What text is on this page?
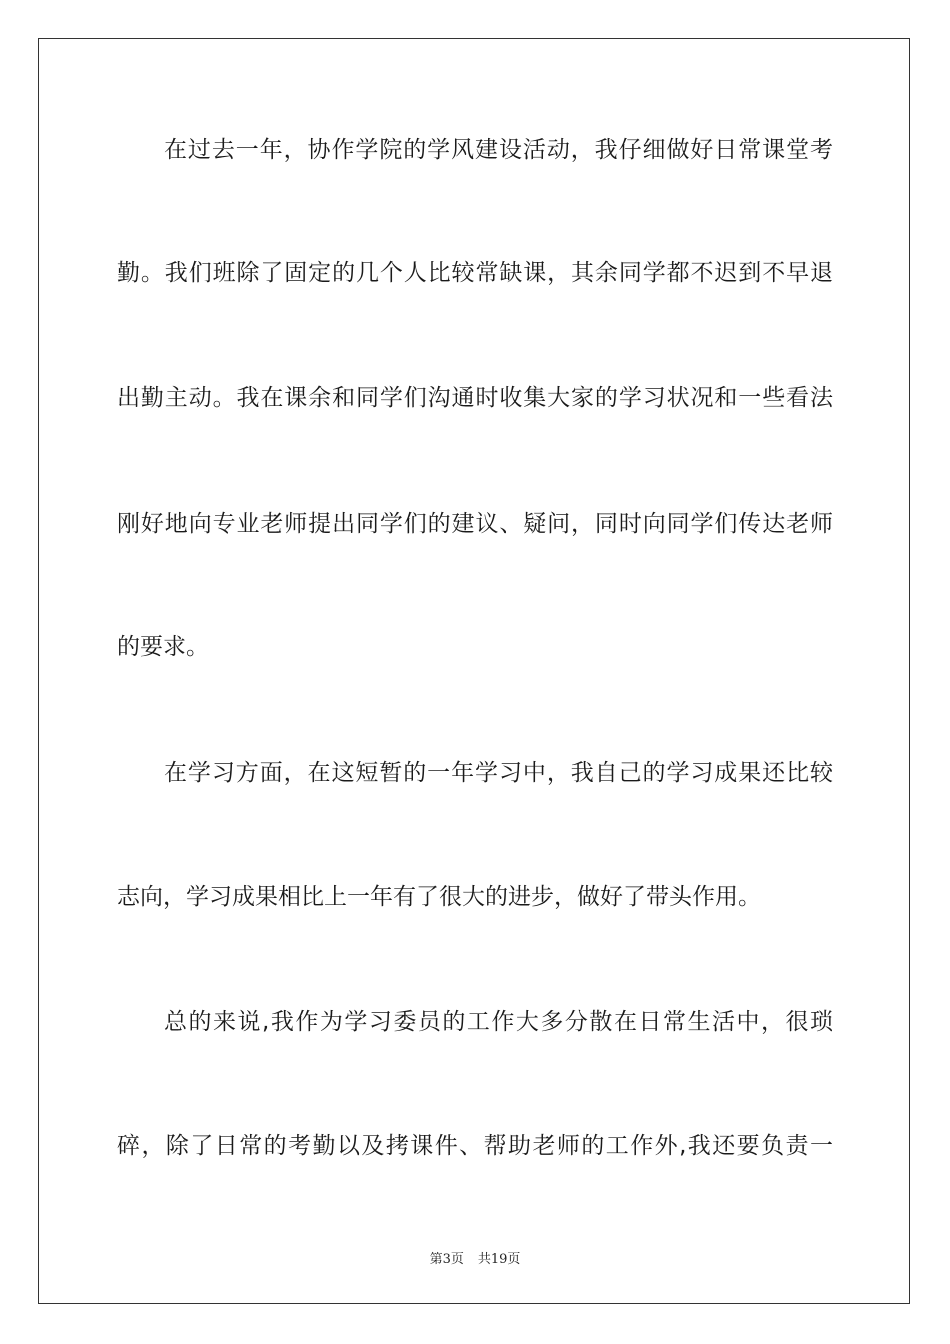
在过去一年，协作学院的学风建设活动，我仔细做好日常课堂考
勤。我们班除了固定的几个人比较常缺课，其余同学都不迟到不早退
出勤主动。我在课余和同学们沟通时收集大家的学习状况和一些看法
刚好地向专业老师提出同学们的建议、疑问，同时向同学们传达老师
的要求。
在学习方面，在这短暂的一年学习中，我自己的学习成果还比较
志向，学习成果相比上一年有了很大的进步，做好了带头作用。
总的来说,我作为学习委员的工作大多分散在日常生活中，很琐
碎，除了日常的考勤以及拷课件、帮助老师的工作外,我还要负责一
第3页 共19页
